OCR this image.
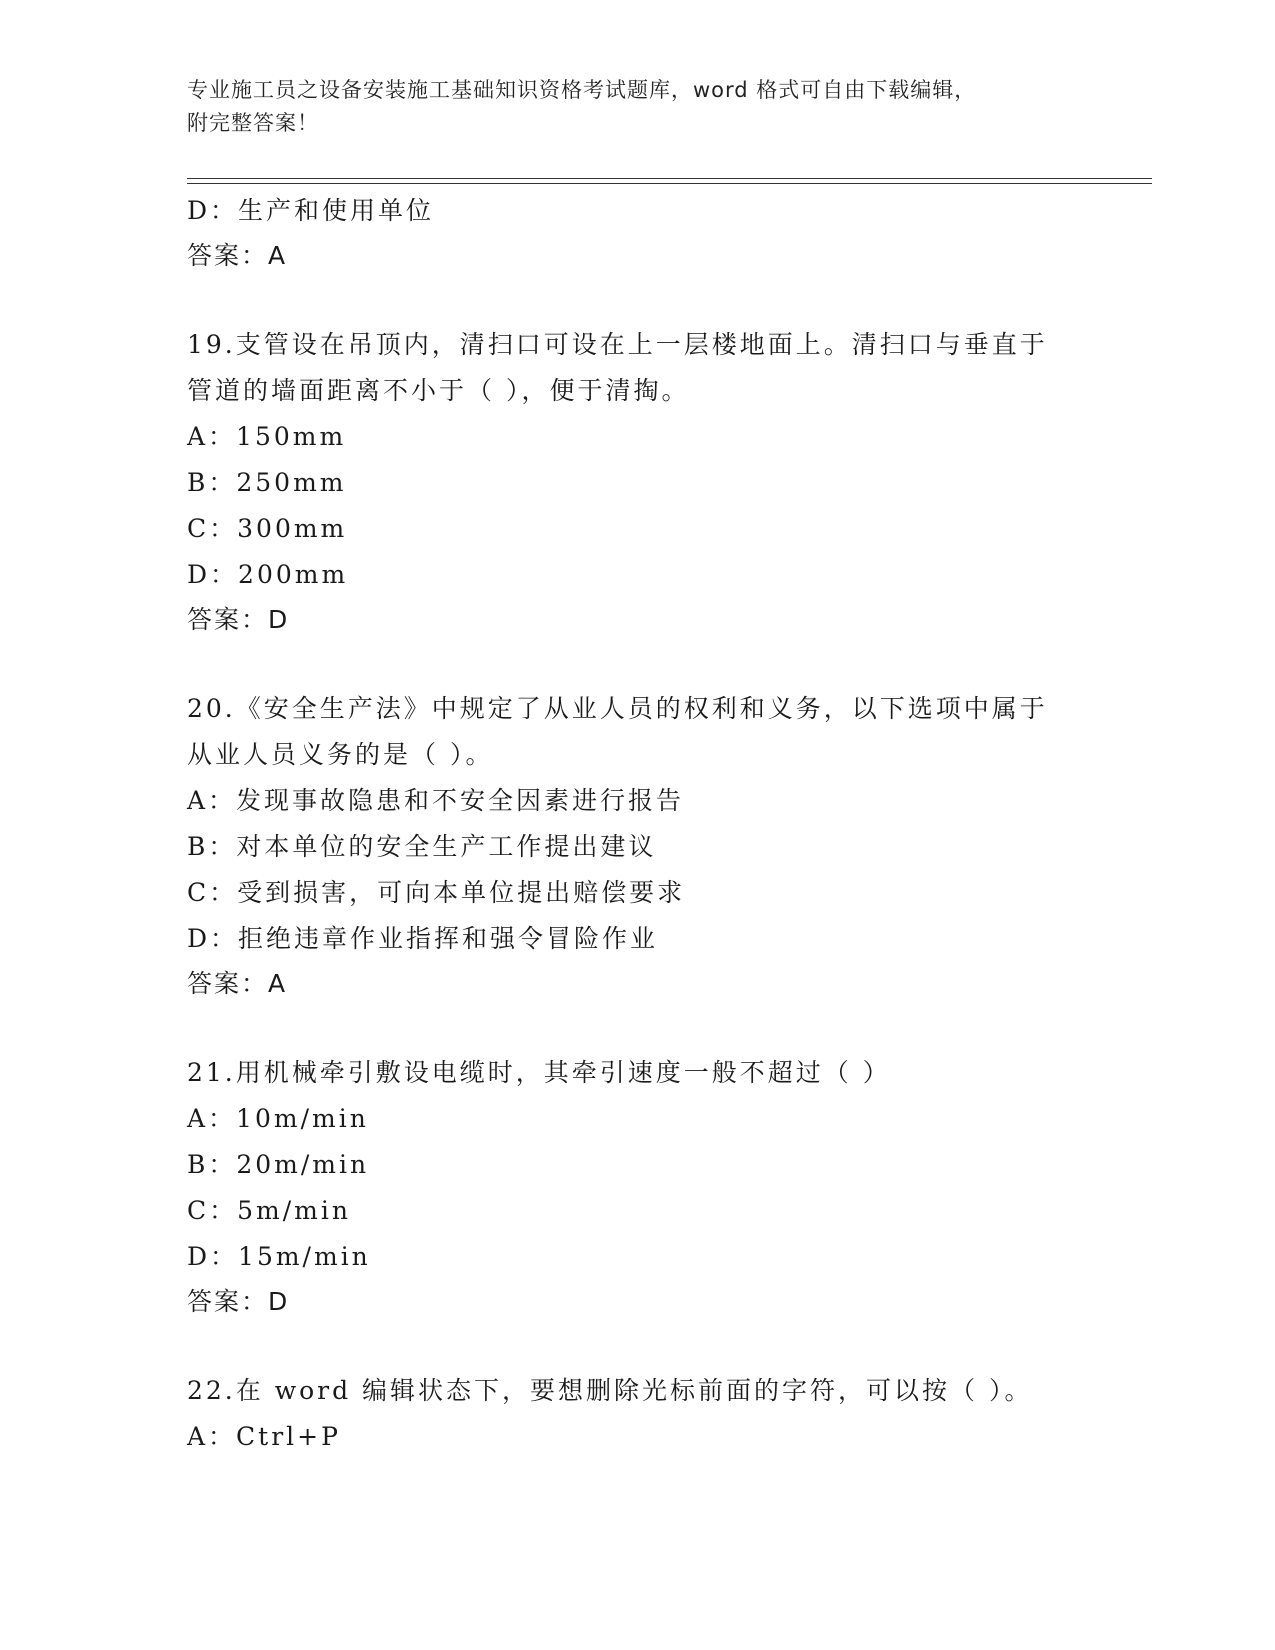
专业施工员之设备安装施工基础知识资格考试题库，word 格式可自由下载编辑，
附完整答案！
D：生产和使用单位
答案：A
19.支管设在吊顶内，清扫口可设在上一层楼地面上。清扫口与垂直于
管道的墙面距离不小于（ ），便于清掏。
A：150mm
B：250mm
C：300mm
D：200mm
答案：D
20.《安全生产法》中规定了从业人员的权利和义务，以下选项中属于
从业人员义务的是（ ）。
A：发现事故隐患和不安全因素进行报告
B：对本单位的安全生产工作提出建议
C：受到损害，可向本单位提出赔偿要求
D：拒绝违章作业指挥和强令冒险作业
答案：A
21.用机械牵引敷设电缆时，其牵引速度一般不超过（ ）
A：10m/min
B：20m/min
C：5m/min
D：15m/min
答案：D
22.在 word 编辑状态下，要想删除光标前面的字符，可以按（ ）。
A：Ctrl+P
